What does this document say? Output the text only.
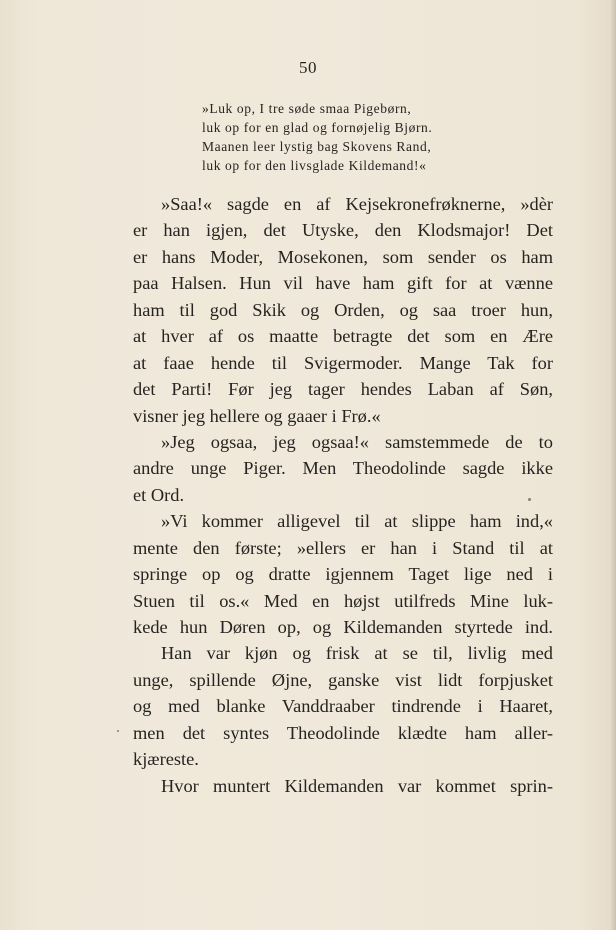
50
»Luk op, I tre søde smaa Pigebørn,
luk op for en glad og fornøjelig Bjørn.
Maanen leer lystig bag Skovens Rand,
luk op for den livsglade Kildemand!«
»Saa!« sagde en af Kejsekronefrøknerne, »dèr
er han igjen, det Utyske, den Klodsmajor! Det
er hans Moder, Mosekonen, som sender os ham
paa Halsen. Hun vil have ham gift for at vænne
ham til god Skik og Orden, og saa troer hun,
at hver af os maatte betragte det som en Ære
at faae hende til Svigermoder. Mange Tak for
det Parti! Før jeg tager hendes Laban af Søn,
visner jeg hellere og gaaer i Frø.«
»Jeg ogsaa, jeg ogsaa!« samstemmede de to
andre unge Piger. Men Theodolinde sagde ikke
et Ord.
»Vi kommer alligevel til at slippe ham ind,«
mente den første; »ellers er han i Stand til at
springe op og dratte igjennem Taget lige ned i
Stuen til os.« Med en højst utilfreds Mine luk-
kede hun Døren op, og Kildemanden styrtede ind.
Han var kjøn og frisk at se til, livlig med
unge, spillende Øjne, ganske vist lidt forpjusket
og med blanke Vanddraaber tindrende i Haaret,
men det syntes Theodolinde klædte ham aller-
kjæreste.
Hvor muntert Kildemanden var kommet sprin-
